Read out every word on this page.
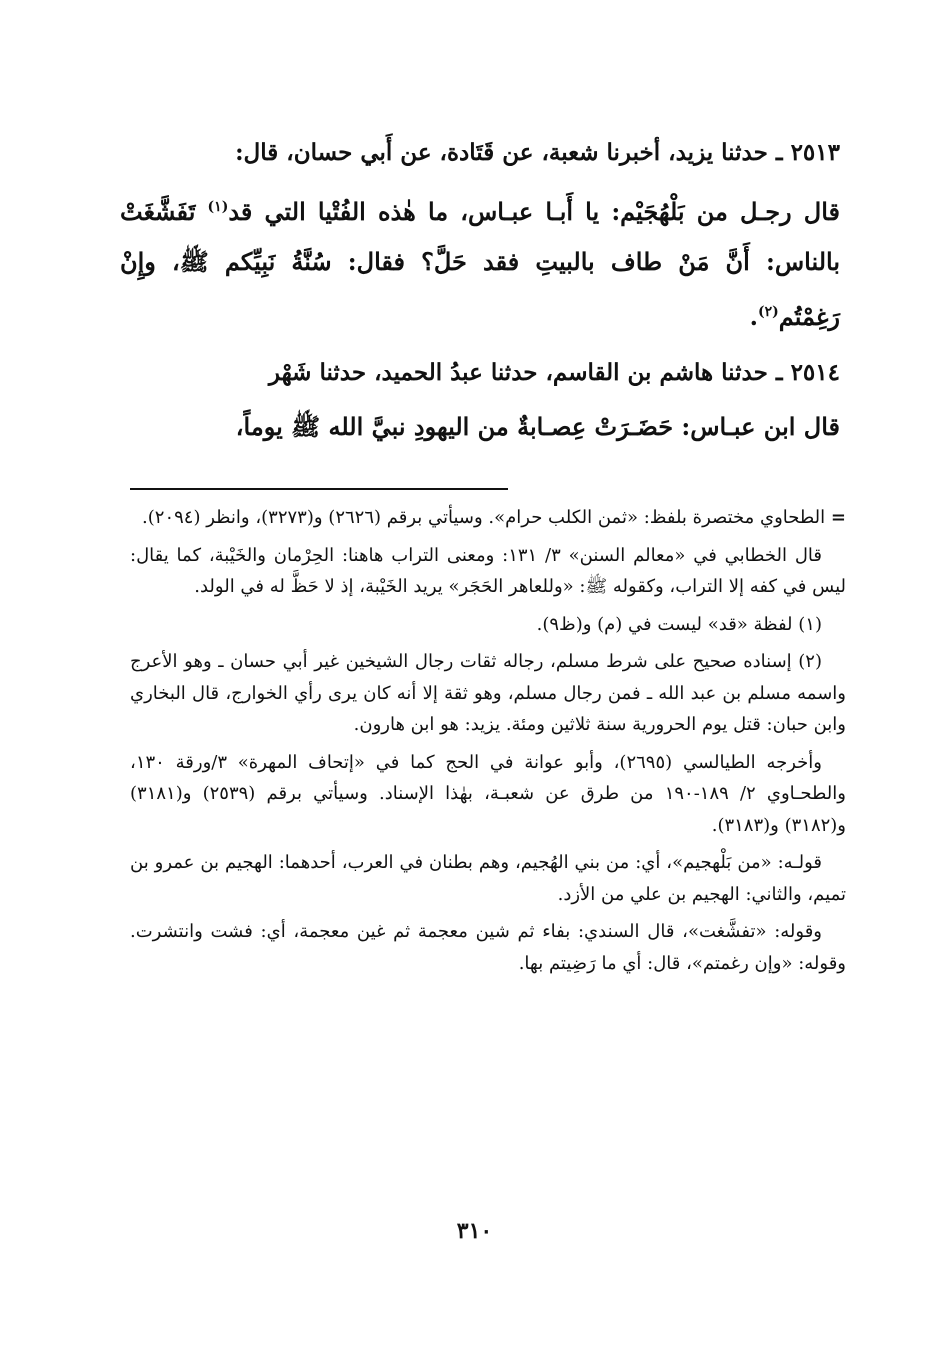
٢٥١٣ ـ حدثنا يزيد، أخبرنا شعبة، عن قَتَادة، عن أَبي حسان، قال:

قال رجـل من بَلْهُجَيْم: يا أَبـا عبـاس، ما هٰذه الفُتْيا التي قد$^{(١)}$ تَفَشَّغَتْ بالناس: أَنَّ مَنْ طاف بالبيتِ فقد حَلَّ؟ فقال: سُنَّةُ نَبِيِّكم ﷺ، وإِنْ رَغِمْتُم$^{(٢)}$.

٢٥١٤ ـ حدثنا هاشم بن القاسم، حدثنا عبدُ الحميد، حدثنا شَهْر

قال ابن عبـاس: حَضَـرَتْ عِصـابةٌ من اليهودِ نبيَّ الله ﷺ يوماً،

= الطحاوي مختصرة بلفظ: «ثمن الكلب حرام». وسيأتي برقم (٢٦٢٦) و(٣٢٧٣)، وانظر (٢٠٩٤).

قال الخطابي في «معالم السنن» ٣/ ١٣١: ومعنى التراب هاهنا: الحِرْمان والخَيْبة، كما يقال: ليس في كفه إلا التراب، وكقوله ﷺ: «وللعاهر الحَجَر» يريد الخَيْبة، إذ لا حَظَّ له في الولد.

(١) لفظة «قد» ليست في (م) و(ظ٩).

(٢) إسناده صحيح على شرط مسلم، رجاله ثقات رجال الشيخين غير أبي حسان ـ وهو الأعرج واسمه مسلم بن عبد الله ـ فمن رجال مسلم، وهو ثقة إلا أنه كان يرى رأي الخوارج، قال البخاري وابن حبان: قتل يوم الحرورية سنة ثلاثين ومئة. يزيد: هو ابن هارون.

وأخرجه الطيالسي (٢٦٩٥)، وأبو عوانة في الحج كما في «إتحاف المهرة» ٣/ورقة ١٣٠، والطحـاوي ٢/ ١٨٩-١٩٠ من طرق عن شعبـة، بهٰذا الإسناد. وسيأتي برقم (٢٥٣٩) و(٣١٨١) و(٣١٨٢) و(٣١٨٣).

قولـه: «من بَلْهجيم»، أي: من بني الهُجيم، وهم بطنان في العرب، أحدهما: الهجيم بن عمرو بن تميم، والثاني: الهجيم بن علي من الأزد.

وقوله: «تفشَّغت»، قال السندي: بفاء ثم شين معجمة ثم غين معجمة، أي: فشت وانتشرت. وقوله: «وإن رغمتم»، قال: أي ما رَضِيتم بها.

٣١٠
